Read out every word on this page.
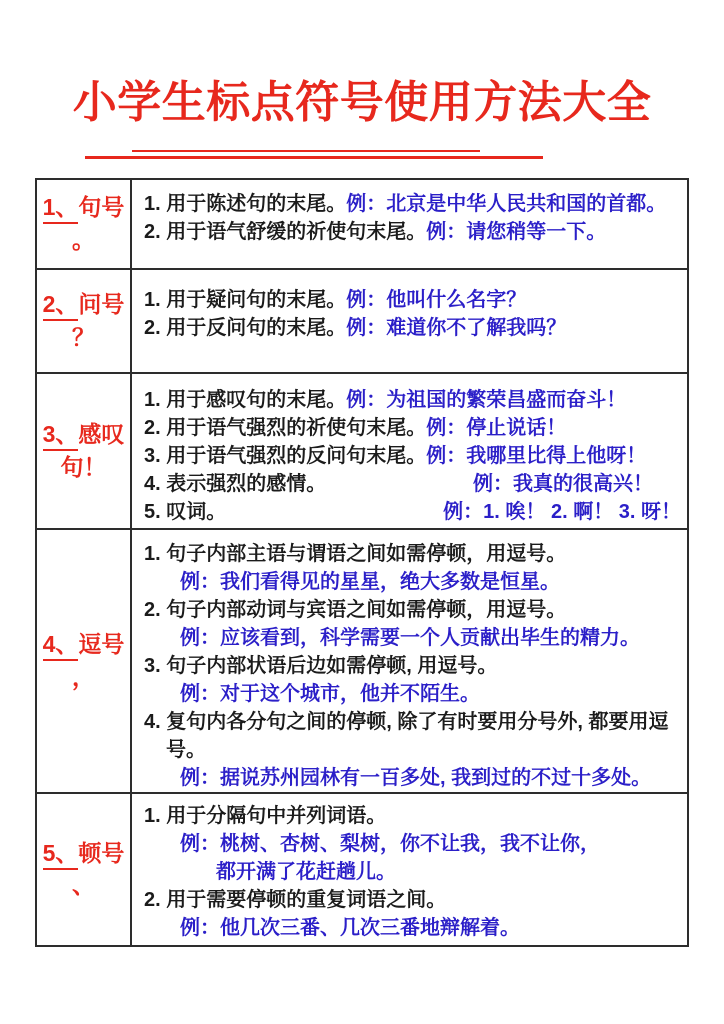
小学生标点符号使用方法大全
1、句号
。
1. 用于陈述句的末尾。例：北京是中华人民共和国的首都。
2. 用于语气舒缓的祈使句末尾。例：请您稍等一下。
2、问号
？
1. 用于疑问句的末尾。例：他叫什么名字？
2. 用于反问句的末尾。例：难道你不了解我吗？
3、感叹
句！
1. 用于感叹句的末尾。例：为祖国的繁荣昌盛而奋斗！
2. 用于语气强烈的祈使句末尾。例：停止说话！
3. 用于语气强烈的反问句末尾。例：我哪里比得上他呀！
4. 表示强烈的感情。	例：我真的很高兴！
5. 叹词。	例：1. 唉！ 2. 啊！ 3. 呀！
4、逗号
，
1. 句子内部主语与谓语之间如需停顿，用逗号。
例：我们看得见的星星，绝大多数是恒星。
2. 句子内部动词与宾语之间如需停顿，用逗号。
例：应该看到，科学需要一个人贡献出毕生的精力。
3. 句子内部状语后边如需停顿, 用逗号。
例：对于这个城市，他并不陌生。
4. 复句内各分句之间的停顿, 除了有时要用分号外, 都要用逗号。
例：据说苏州园林有一百多处, 我到过的不过十多处。
5、顿号
、
1. 用于分隔句中并列词语。
例：桃树、杏树、梨树，你不让我，我不让你，
都开满了花赶趟儿。
2. 用于需要停顿的重复词语之间。
例：他几次三番、几次三番地辩解着。
